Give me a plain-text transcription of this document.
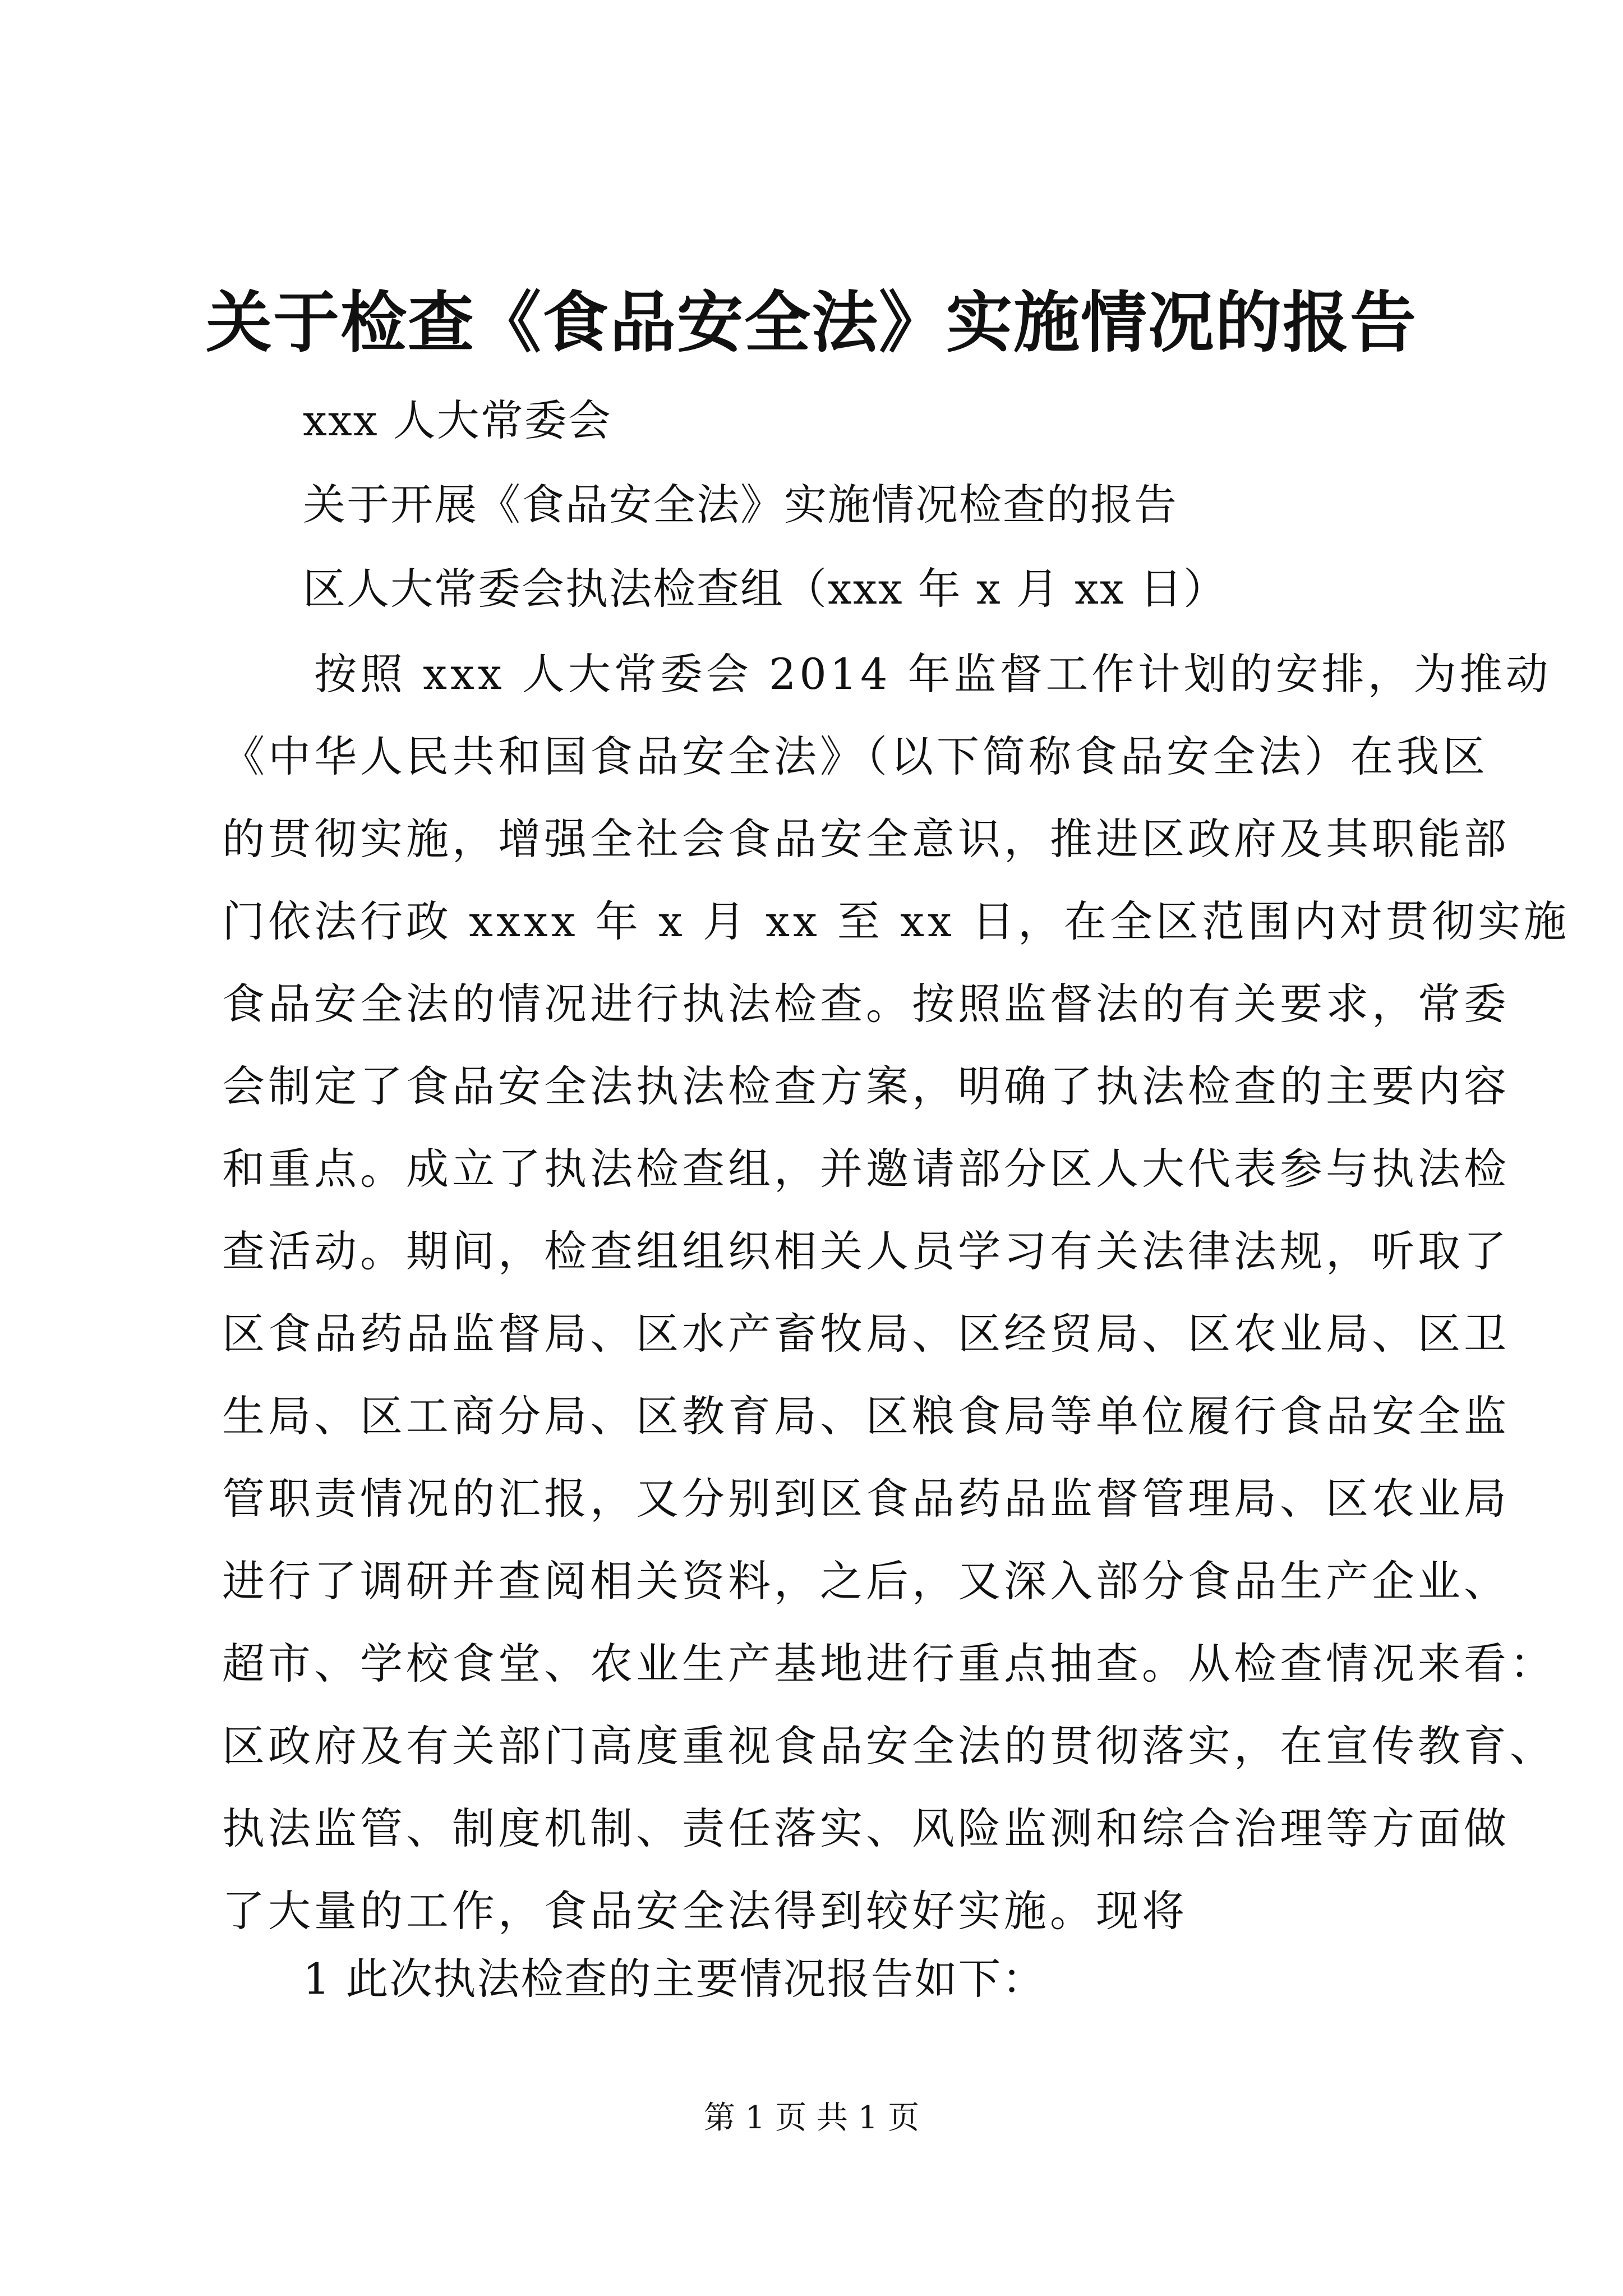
关于检查《食品安全法》实施情况的报告
xxx 人大常委会
关于开展《食品安全法》实施情况检查的报告
区人大常委会执法检查组（xxx 年 x 月 xx 日）
　　按照 xxx 人大常委会 2014 年监督工作计划的安排，为推动
《中华人民共和国食品安全法》（以下简称食品安全法）在我区
的贯彻实施，增强全社会食品安全意识，推进区政府及其职能部
门依法行政 xxxx 年 x 月 xx 至 xx 日，在全区范围内对贯彻实施
食品安全法的情况进行执法检查。按照监督法的有关要求，常委
会制定了食品安全法执法检查方案，明确了执法检查的主要内容
和重点。成立了执法检查组，并邀请部分区人大代表参与执法检
查活动。期间，检查组组织相关人员学习有关法律法规，听取了
区食品药品监督局、区水产畜牧局、区经贸局、区农业局、区卫
生局、区工商分局、区教育局、区粮食局等单位履行食品安全监
管职责情况的汇报，又分别到区食品药品监督管理局、区农业局
进行了调研并查阅相关资料，之后，又深入部分食品生产企业、
超市、学校食堂、农业生产基地进行重点抽查。从检查情况来看：
区政府及有关部门高度重视食品安全法的贯彻落实，在宣传教育、
执法监管、制度机制、责任落实、风险监测和综合治理等方面做
了大量的工作，食品安全法得到较好实施。现将
1 此次执法检查的主要情况报告如下：
第 1 页 共 1 页
